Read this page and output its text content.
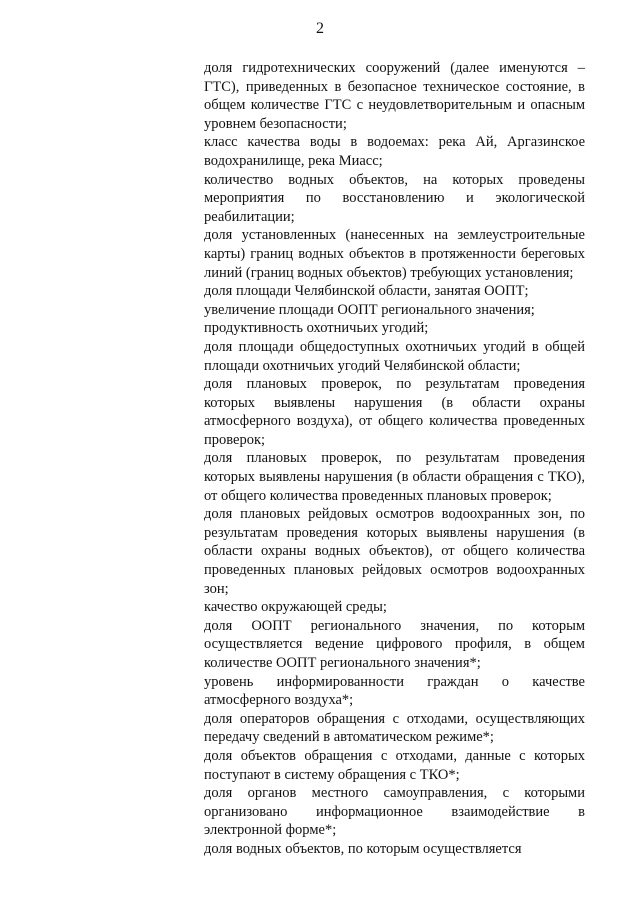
2

доля гидротехнических сооружений (далее именуются – ГТС), приведенных в безопасное техническое состояние, в общем количестве ГТС с неудовлетворительным и опасным уровнем безопасности;

класс качества воды в водоемах: река Ай, Аргазинское водохранилище, река Миасс;

количество водных объектов, на которых проведены мероприятия по восстановлению и экологической реабилитации;

доля установленных (нанесенных на землеустроительные карты) границ водных объектов в протяженности береговых линий (границ водных объектов) требующих установления;

доля площади Челябинской области, занятая ООПТ;

увеличение площади ООПТ регионального значения;

продуктивность охотничьих угодий;

доля площади общедоступных охотничьих угодий в общей площади охотничьих угодий Челябинской области;

доля плановых проверок, по результатам проведения которых выявлены нарушения (в области охраны атмосферного воздуха), от общего количества проведенных проверок;

доля плановых проверок, по результатам проведения которых выявлены нарушения (в области обращения с ТКО), от общего количества проведенных плановых проверок;

доля плановых рейдовых осмотров водоохранных зон, по результатам проведения которых выявлены нарушения (в области охраны водных объектов), от общего количества проведенных плановых рейдовых осмотров водоохранных зон;

качество окружающей среды;

доля ООПТ регионального значения, по которым осуществляется ведение цифрового профиля, в общем количестве ООПТ регионального значения*;

уровень информированности граждан о качестве атмосферного воздуха*;

доля операторов обращения с отходами, осуществляющих передачу сведений в автоматическом режиме*;

доля объектов обращения с отходами, данные с которых поступают в систему обращения с ТКО*;

доля органов местного самоуправления, с которыми организовано информационное взаимодействие в электронной форме*;

доля водных объектов, по которым осуществляется
